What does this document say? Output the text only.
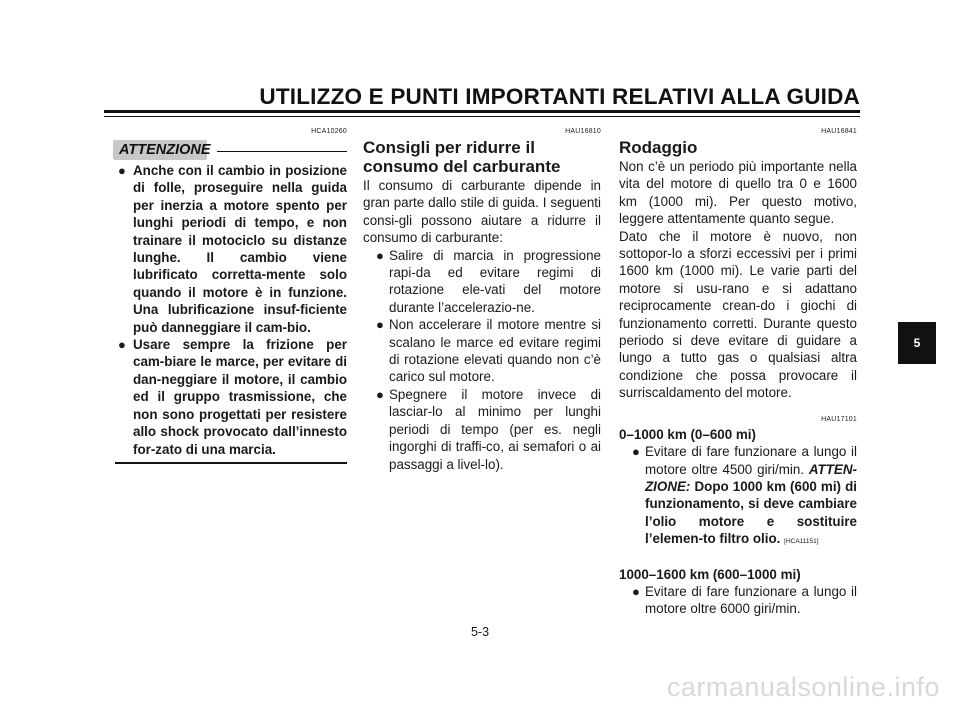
UTILIZZO E PUNTI IMPORTANTI RELATIVI ALLA GUIDA
HCA10260
ATTENZIONE
● Anche con il cambio in posizione di folle, proseguire nella guida per inerzia a motore spento per lunghi periodi di tempo, e non trainare il motociclo su distanze lunghe. Il cambio viene lubrificato corretta-mente solo quando il motore è in funzione. Una lubrificazione insuf-ficiente può danneggiare il cam-bio.
● Usare sempre la frizione per cam-biare le marce, per evitare di dan-neggiare il motore, il cambio ed il gruppo trasmissione, che non sono progettati per resistere allo shock provocato dall’innesto for-zato di una marcia.
HAU16810
Consigli per ridurre il consumo del carburante

Il consumo di carburante dipende in gran parte dallo stile di guida. I seguenti consi-gli possono aiutare a ridurre il consumo di carburante:

● Salire di marcia in progressione rapi-da ed evitare regimi di rotazione ele-vati del motore durante l’accelerazio-ne.
● Non accelerare il motore mentre si scalano le marce ed evitare regimi di rotazione elevati quando non c’è carico sul motore.
● Spegnere il motore invece di lasciar-lo al minimo per lunghi periodi di tempo (per es. negli ingorghi di traffi-co, ai semafori o ai passaggi a livel-lo).
HAU16841
Rodaggio

Non c’è un periodo più importante nella vita del motore di quello tra 0 e 1600 km (1000 mi). Per questo motivo, leggere attentamente quanto segue.

Dato che il motore è nuovo, non sottopor-lo a sforzi eccessivi per i primi 1600 km (1000 mi). Le varie parti del motore si usu-rano e si adattano reciprocamente crean-do i giochi di funzionamento corretti. Durante questo periodo si deve evitare di guidare a lungo a tutto gas o qualsiasi altra condizione che possa provocare il surriscaldamento del motore.

HAU17101
0–1000 km (0–600 mi)
● Evitare di fare funzionare a lungo il motore oltre 4500 giri/min. ATTEN-ZIONE: Dopo 1000 km (600 mi) di funzionamento, si deve cambiare l’olio motore e sostituire l’elemen-to filtro olio. [HCA11151]
1000–1600 km (600–1000 mi)
● Evitare di fare funzionare a lungo il motore oltre 6000 giri/min.
5
5-3
carmanualsonline.info
